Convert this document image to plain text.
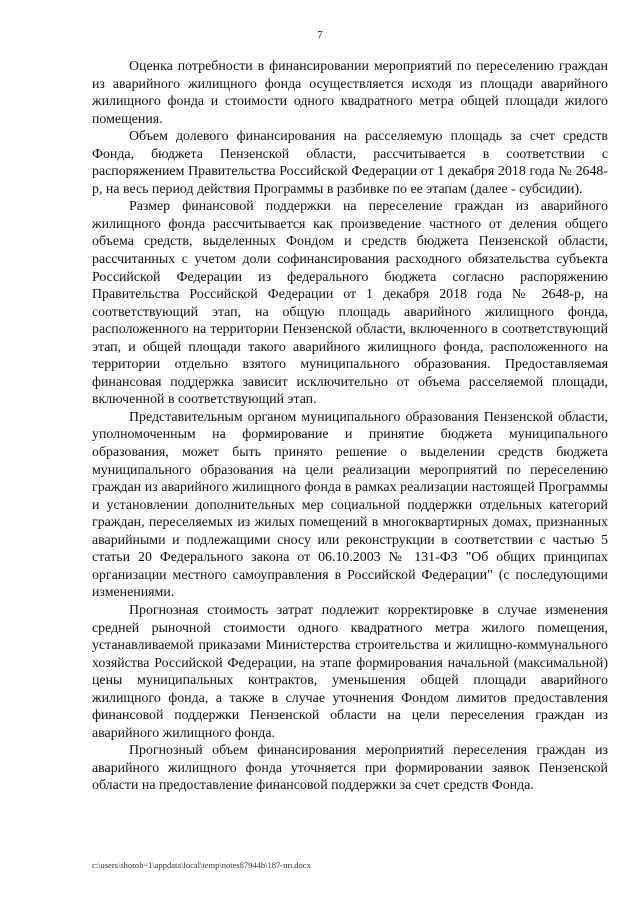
7

Оценка потребности в финансировании мероприятий по переселению граждан из аварийного жилищного фонда осуществляется исходя из площади аварийного жилищного фонда и стоимости одного квадратного метра общей площади жилого помещения.

Объем долевого финансирования на расселяемую площадь за счет средств Фонда, бюджета Пензенской области, рассчитывается в соответствии с распоряжением Правительства Российской Федерации от 1 декабря 2018 года № 2648-р, на весь период действия Программы в разбивке по ее этапам (далее - субсидии).

Размер финансовой поддержки на переселение граждан из аварийного жилищного фонда рассчитывается как произведение частного от деления общего объема средств, выделенных Фондом и средств бюджета Пензенской области, рассчитанных с учетом доли софинансирования расходного обязательства субъекта Российской Федерации из федерального бюджета согласно распоряжению Правительства Российской Федерации от 1 декабря 2018 года № 2648-р, на соответствующий этап, на общую площадь аварийного жилищного фонда, расположенного на территории Пензенской области, включенного в соответствующий этап, и общей площади такого аварийного жилищного фонда, расположенного на территории отдельно взятого муниципального образования. Предоставляемая финансовая поддержка зависит исключительно от объема расселяемой площади, включенной в соответствующий этап.

Представительным органом муниципального образования Пензенской области, уполномоченным на формирование и принятие бюджета муниципального образования, может быть принято решение о выделении средств бюджета муниципального образования на цели реализации мероприятий по переселению граждан из аварийного жилищного фонда в рамках реализации настоящей Программы и установлении дополнительных мер социальной поддержки отдельных категорий граждан, переселяемых из жилых помещений в многоквартирных домах, признанных аварийными и подлежащими сносу или реконструкции в соответствии с частью 5 статьи 20 Федерального закона от 06.10.2003 № 131-ФЗ "Об общих принципах организации местного самоуправления в Российской Федерации" (с последующими изменениями.

Прогнозная стоимость затрат подлежит корректировке в случае изменения средней рыночной стоимости одного квадратного метра жилого помещения, устанавливаемой приказами Министерства строительства и жилищно-коммунального хозяйства Российской Федерации, на этапе формирования начальной (максимальной) цены муниципальных контрактов, уменьшения общей площади аварийного жилищного фонда, а также в случае уточнения Фондом лимитов предоставления финансовой поддержки Пензенской области на цели переселения граждан из аварийного жилищного фонда.

Прогнозный объем финансирования мероприятий переселения граждан из аварийного жилищного фонда уточняется при формировании заявок Пензенской области на предоставление финансовой поддержки за счет средств Фонда.

c:\users\shoroh~1\appdata\local\temp\notes87944b\187-пп.docx
